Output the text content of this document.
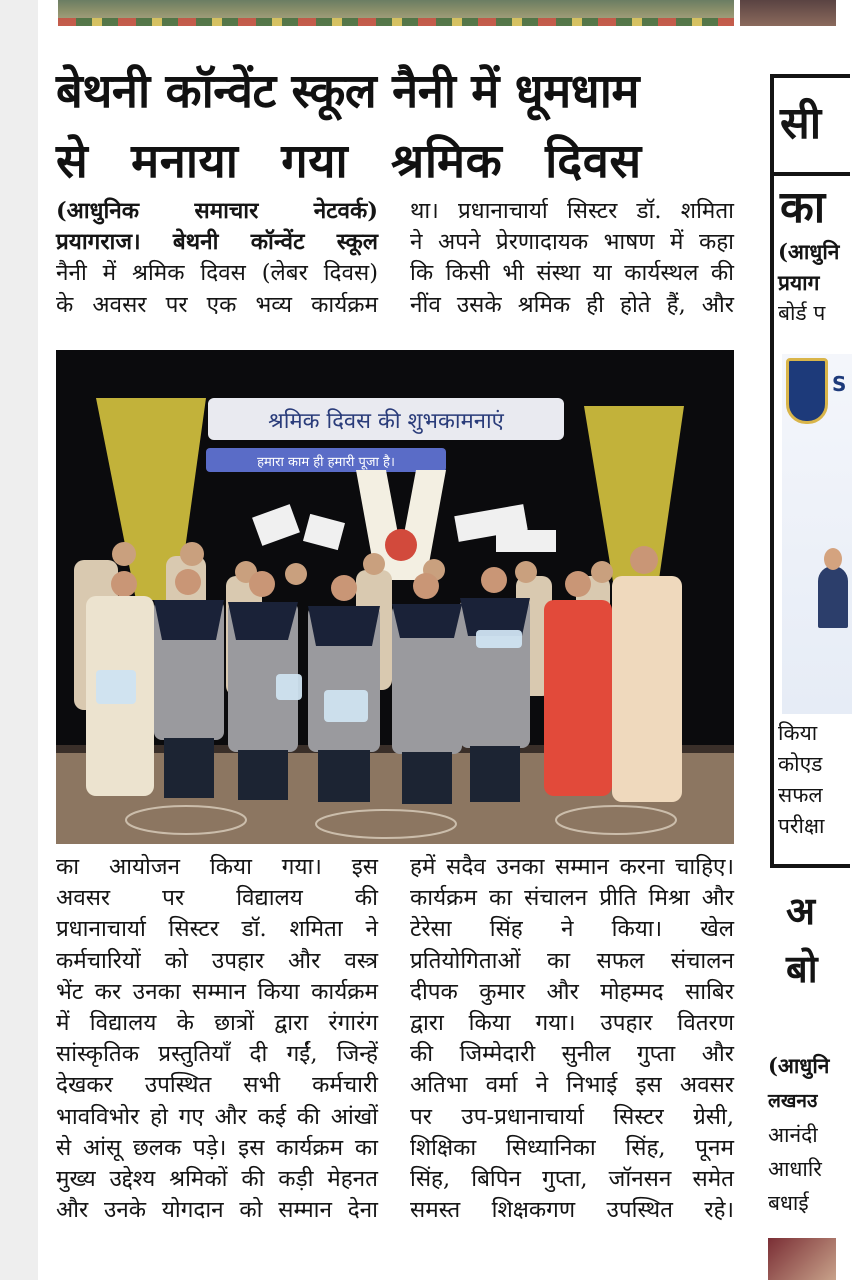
बेथनी कॉन्वेंट स्कूल नैनी में धूमधाम
से मनाया गया श्रमिक दिवस

(आधुनिक समाचार नेटवर्क)

प्रयागराज। बेथनी कॉन्वेंट स्कूल

नैनी में श्रमिक दिवस (लेबर दिवस)

के अवसर पर एक भव्य कार्यक्रम

था। प्रधानाचार्या सिस्टर डॉ. शमिता

ने अपने प्रेरणादायक भाषण में कहा

कि किसी भी संस्था या कार्यस्थल की

नींव उसके श्रमिक ही होते हैं, और

श्रमिक दिवस की शुभकामनाएं
हमारा काम ही हमारी पूजा है।

का आयोजन किया गया। इस

अवसर पर विद्यालय की

प्रधानाचार्या सिस्टर डॉ. शमिता ने

कर्मचारियों को उपहार और वस्त्र

भेंट कर उनका सम्मान किया कार्यक्रम

में विद्यालय के छात्रों द्वारा रंगारंग

सांस्कृतिक प्रस्तुतियाँ दी गईं, जिन्हें

देखकर उपस्थित सभी कर्मचारी

भावविभोर हो गए और कई की आंखों

से आंसू छलक पड़े। इस कार्यक्रम का

मुख्य उद्देश्य श्रमिकों की कड़ी मेहनत

और उनके योगदान को सम्मान देना

हमें सदैव उनका सम्मान करना चाहिए।

कार्यक्रम का संचालन प्रीति मिश्रा और

टेरेसा सिंह ने किया। खेल

प्रतियोगिताओं का सफल संचालन

दीपक कुमार और मोहम्मद साबिर

द्वारा किया गया। उपहार वितरण

की जिम्मेदारी सुनील गुप्ता और

अतिभा वर्मा ने निभाई इस अवसर

पर उप-प्रधानाचार्या सिस्टर ग्रेसी,

शिक्षिका सिध्यानिका सिंह, पूनम

सिंह, बिपिन गुप्ता, जॉनसन समेत

समस्त शिक्षकगण उपस्थित रहे।

सी
का
(आधुनि
प्रयाग
बोर्ड प
S
किया
कोएड
सफल
परीक्षा
अ
बो
(आधुनि
लखनउ
आनंदी
आधारि
बधाई
